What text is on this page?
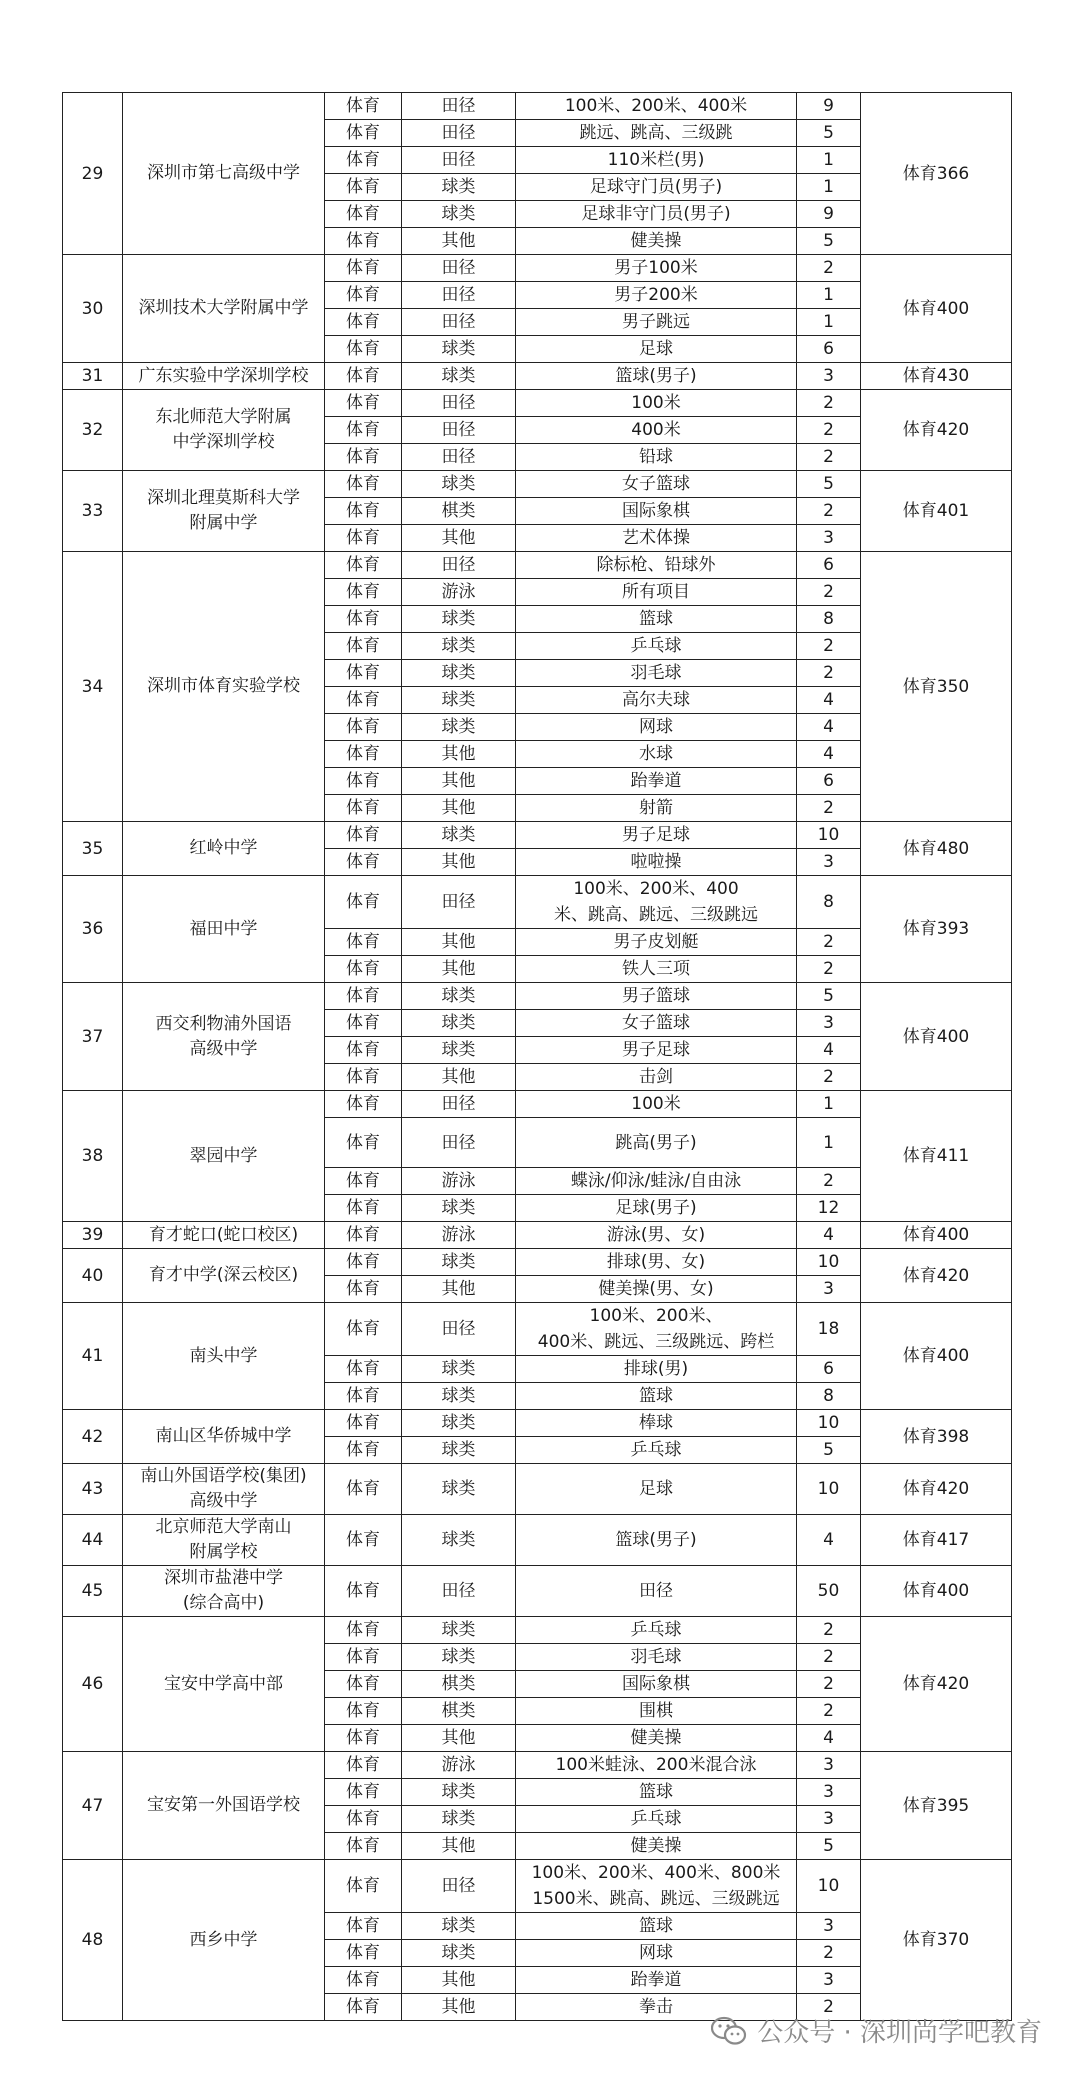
29	深圳市第七高级中学	体育	田径	100米、200米、400米	9	体育366
		体育	田径	跳远、跳高、三级跳	5	
		体育	田径	110米栏(男)	1	
		体育	球类	足球守门员(男子)	1	
		体育	球类	足球非守门员(男子)	9	
		体育	其他	健美操	5	
30	深圳技术大学附属中学	体育	田径	男子100米	2	体育400
		体育	田径	男子200米	1	
		体育	田径	男子跳远	1	
		体育	球类	足球	6	
31	广东实验中学深圳学校	体育	球类	篮球(男子)	3	体育430
32	东北师范大学附属
中学深圳学校	体育	田径	100米	2	体育420
		体育	田径	400米	2	
		体育	田径	铅球	2	
33	深圳北理莫斯科大学
附属中学	体育	球类	女子篮球	5	体育401
		体育	棋类	国际象棋	2	
		体育	其他	艺术体操	3	
34	深圳市体育实验学校	体育	田径	除标枪、铅球外	6	体育350
		体育	游泳	所有项目	2	
		体育	球类	篮球	8	
		体育	球类	乒乓球	2	
		体育	球类	羽毛球	2	
		体育	球类	高尔夫球	4	
		体育	球类	网球	4	
		体育	其他	水球	4	
		体育	其他	跆拳道	6	
		体育	其他	射箭	2	
35	红岭中学	体育	球类	男子足球	10	体育480
		体育	其他	啦啦操	3	
36	福田中学	体育	田径	100米、200米、400
米、跳高、跳远、三级跳远	8	体育393
		体育	其他	男子皮划艇	2	
		体育	其他	铁人三项	2	
37	西交利物浦外国语
高级中学	体育	球类	男子篮球	5	体育400
		体育	球类	女子篮球	3	
		体育	球类	男子足球	4	
		体育	其他	击剑	2	
38	翠园中学	体育	田径	100米	1	体育411
		体育	田径	跳高(男子)	1	
		体育	游泳	蝶泳/仰泳/蛙泳/自由泳	2	
		体育	球类	足球(男子)	12	
39	育才蛇口(蛇口校区)	体育	游泳	游泳(男、女)	4	体育400
40	育才中学(深云校区)	体育	球类	排球(男、女)	10	体育420
		体育	其他	健美操(男、女)	3	
41	南头中学	体育	田径	100米、200米、
400米、跳远、三级跳远、跨栏	18	体育400
		体育	球类	排球(男)	6	
		体育	球类	篮球	8	
42	南山区华侨城中学	体育	球类	棒球	10	体育398
		体育	球类	乒乓球	5	
43	南山外国语学校(集团)
高级中学	体育	球类	足球	10	体育420
44	北京师范大学南山
附属学校	体育	球类	篮球(男子)	4	体育417
45	深圳市盐港中学
(综合高中)	体育	田径	田径	50	体育400
46	宝安中学高中部	体育	球类	乒乓球	2	体育420
		体育	球类	羽毛球	2	
		体育	棋类	国际象棋	2	
		体育	棋类	围棋	2	
		体育	其他	健美操	4	
47	宝安第一外国语学校	体育	游泳	100米蛙泳、200米混合泳	3	体育395
		体育	球类	篮球	3	
		体育	球类	乒乓球	3	
		体育	其他	健美操	5	
48	西乡中学	体育	田径	100米、200米、400米、800米
1500米、跳高、跳远、三级跳远	10	体育370
		体育	球类	篮球	3	
		体育	球类	网球	2	
		体育	其他	跆拳道	3	
		体育	其他	拳击	2	
公众号 · 深圳尚学吧教育
